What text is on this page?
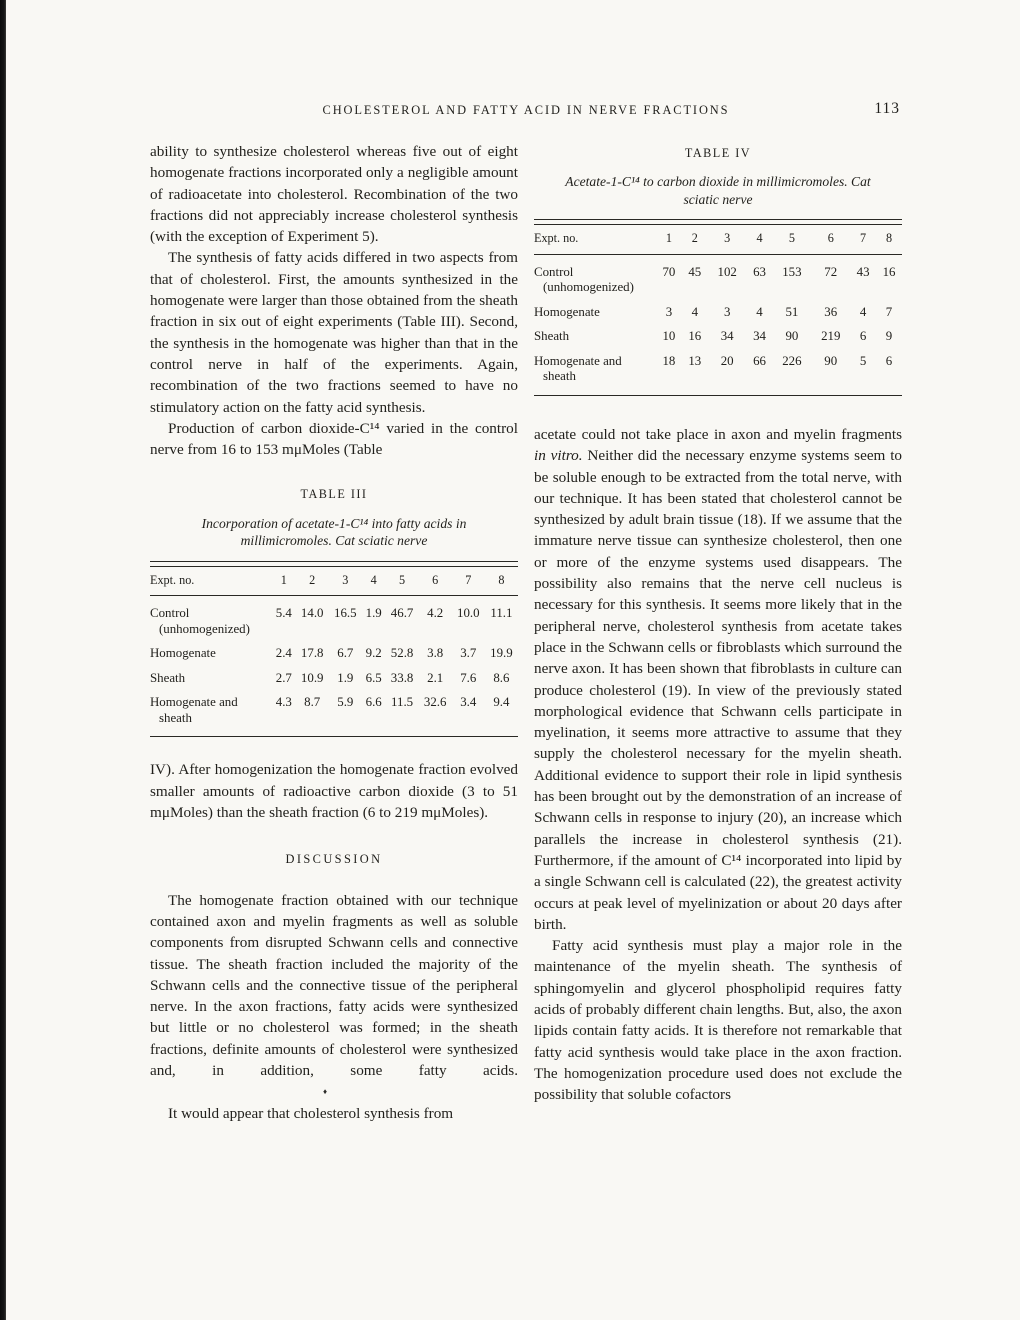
CHOLESTEROL AND FATTY ACID IN NERVE FRACTIONS	113

ability to synthesize cholesterol whereas five out of eight homogenate fractions incorporated only a negligible amount of radioacetate into cholesterol. Recombination of the two fractions did not appreciably increase cholesterol synthesis (with the exception of Experiment 5).

The synthesis of fatty acids differed in two aspects from that of cholesterol. First, the amounts synthesized in the homogenate were larger than those obtained from the sheath fraction in six out of eight experiments (Table III). Second, the synthesis in the homogenate was higher than that in the control nerve in half of the experiments. Again, recombination of the two fractions seemed to have no stimulatory action on the fatty acid synthesis.

Production of carbon dioxide-C¹⁴ varied in the control nerve from 16 to 153 mμMoles (Table

TABLE III
Incorporation of acetate-1-C¹⁴ into fatty acids in millimicromoles. Cat sciatic nerve
Expt. no.	1	2	3	4	5	6	7	8
Control
(unhomogenized)	5.4	14.0	16.5	1.9	46.7	4.2	10.0	11.1
Homogenate	2.4	17.8	6.7	9.2	52.8	3.8	3.7	19.9
Sheath	2.7	10.9	1.9	6.5	33.8	2.1	7.6	8.6
Homogenate and
sheath	4.3	8.7	5.9	6.6	11.5	32.6	3.4	9.4

IV). After homogenization the homogenate fraction evolved smaller amounts of radioactive carbon dioxide (3 to 51 mμMoles) than the sheath fraction (6 to 219 mμMoles).

DISCUSSION

The homogenate fraction obtained with our technique contained axon and myelin fragments as well as soluble components from disrupted Schwann cells and connective tissue. The sheath fraction included the majority of the Schwann cells and the connective tissue of the peripheral nerve. In the axon fractions, fatty acids were synthesized but little or no cholesterol was formed; in the sheath fractions, definite amounts of cholesterol were synthesized and, in addition, some fatty acids.♦

It would appear that cholesterol synthesis from

TABLE IV
Acetate-1-C¹⁴ to carbon dioxide in millimicromoles. Cat sciatic nerve
Expt. no.	1	2	3	4	5	6	7	8
Control
(unhomogenized)	70	45	102	63	153	72	43	16
Homogenate	3	4	3	4	51	36	4	7
Sheath	10	16	34	34	90	219	6	9
Homogenate and
sheath	18	13	20	66	226	90	5	6

acetate could not take place in axon and myelin fragments in vitro. Neither did the necessary enzyme systems seem to be soluble enough to be extracted from the total nerve, with our technique. It has been stated that cholesterol cannot be synthesized by adult brain tissue (18). If we assume that the immature nerve tissue can synthesize cholesterol, then one or more of the enzyme systems used disappears. The possibility also remains that the nerve cell nucleus is necessary for this synthesis. It seems more likely that in the peripheral nerve, cholesterol synthesis from acetate takes place in the Schwann cells or fibroblasts which surround the nerve axon. It has been shown that fibroblasts in culture can produce cholesterol (19). In view of the previously stated morphological evidence that Schwann cells participate in myelination, it seems more attractive to assume that they supply the cholesterol necessary for the myelin sheath. Additional evidence to support their role in lipid synthesis has been brought out by the demonstration of an increase of Schwann cells in response to injury (20), an increase which parallels the increase in cholesterol synthesis (21). Furthermore, if the amount of C¹⁴ incorporated into lipid by a single Schwann cell is calculated (22), the greatest activity occurs at peak level of myelinization or about 20 days after birth.

Fatty acid synthesis must play a major role in the maintenance of the myelin sheath. The synthesis of sphingomyelin and glycerol phospholipid requires fatty acids of probably different chain lengths. But, also, the axon lipids contain fatty acids. It is therefore not remarkable that fatty acid synthesis would take place in the axon fraction. The homogenization procedure used does not exclude the possibility that soluble cofactors
